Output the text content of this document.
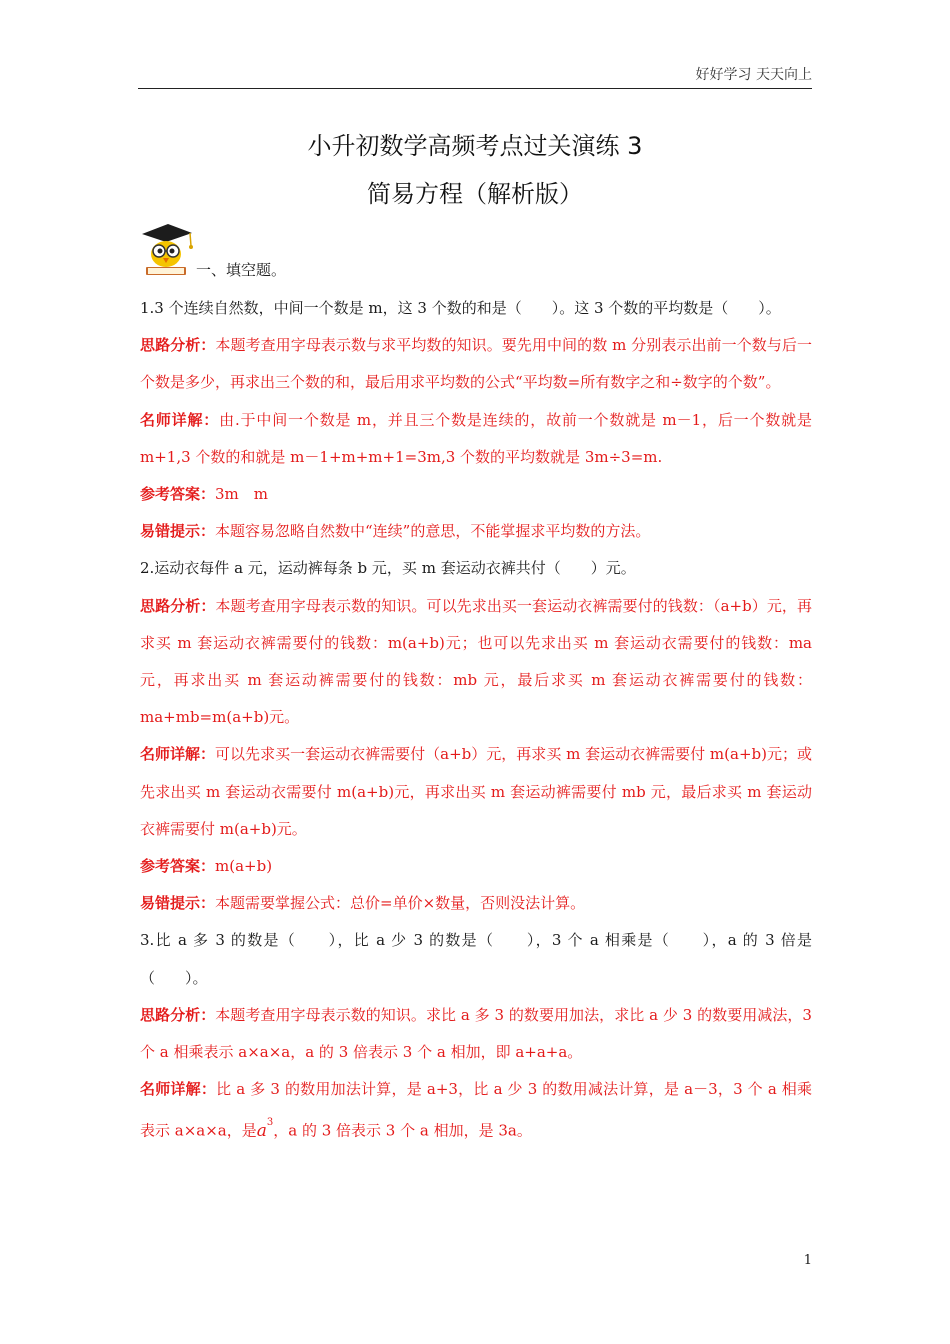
好好学习 天天向上
小升初数学高频考点过关演练 3
简易方程（解析版）
一、填空题。

1.3 个连续自然数，中间一个数是 m，这 3 个数的和是（　　）。这 3 个数的平均数是（　　）。

思路分析：本题考查用字母表示数与求平均数的知识。要先用中间的数 m 分别表示出前一个数与后一个数是多少，再求出三个数的和，最后用求平均数的公式“平均数=所有数字之和÷数字的个数”。

名师详解：由.于中间一个数是 m，并且三个数是连续的，故前一个数就是 m－1，后一个数就是 m+1,3 个数的和就是 m－1+m+m+1=3m,3 个数的平均数就是 3m÷3=m.

参考答案：3m　m

易错提示：本题容易忽略自然数中“连续”的意思，不能掌握求平均数的方法。

2.运动衣每件 a 元，运动裤每条 b 元，买 m 套运动衣裤共付（　　）元。

思路分析：本题考查用字母表示数的知识。可以先求出买一套运动衣裤需要付的钱数：（a+b）元，再求买 m 套运动衣裤需要付的钱数：m(a+b)元；也可以先求出买 m 套运动衣需要付的钱数：ma 元，再求出买 m 套运动裤需要付的钱数：mb 元，最后求买 m 套运动衣裤需要付的钱数：ma+mb=m(a+b)元。

名师详解：可以先求买一套运动衣裤需要付（a+b）元，再求买 m 套运动衣裤需要付 m(a+b)元；或先求出买 m 套运动衣需要付 m(a+b)元，再求出买 m 套运动裤需要付 mb 元，最后求买 m 套运动衣裤需要付 m(a+b)元。

参考答案：m(a+b)

易错提示：本题需要掌握公式：总价=单价×数量，否则没法计算。

3.比 a 多 3 的数是（　　），比 a 少 3 的数是（　　），3 个 a 相乘是（　　），a 的 3 倍是（　　）。

思路分析：本题考查用字母表示数的知识。求比 a 多 3 的数要用加法，求比 a 少 3 的数要用减法，3 个 a 相乘表示 a×a×a，a 的 3 倍表示 3 个 a 相加，即 a+a+a。

名师详解：比 a 多 3 的数用加法计算，是 a+3，比 a 少 3 的数用减法计算，是 a－3，3 个 a 相乘表示 a×a×a，是$a^3$，a 的 3 倍表示 3 个 a 相加，是 3a。

1
